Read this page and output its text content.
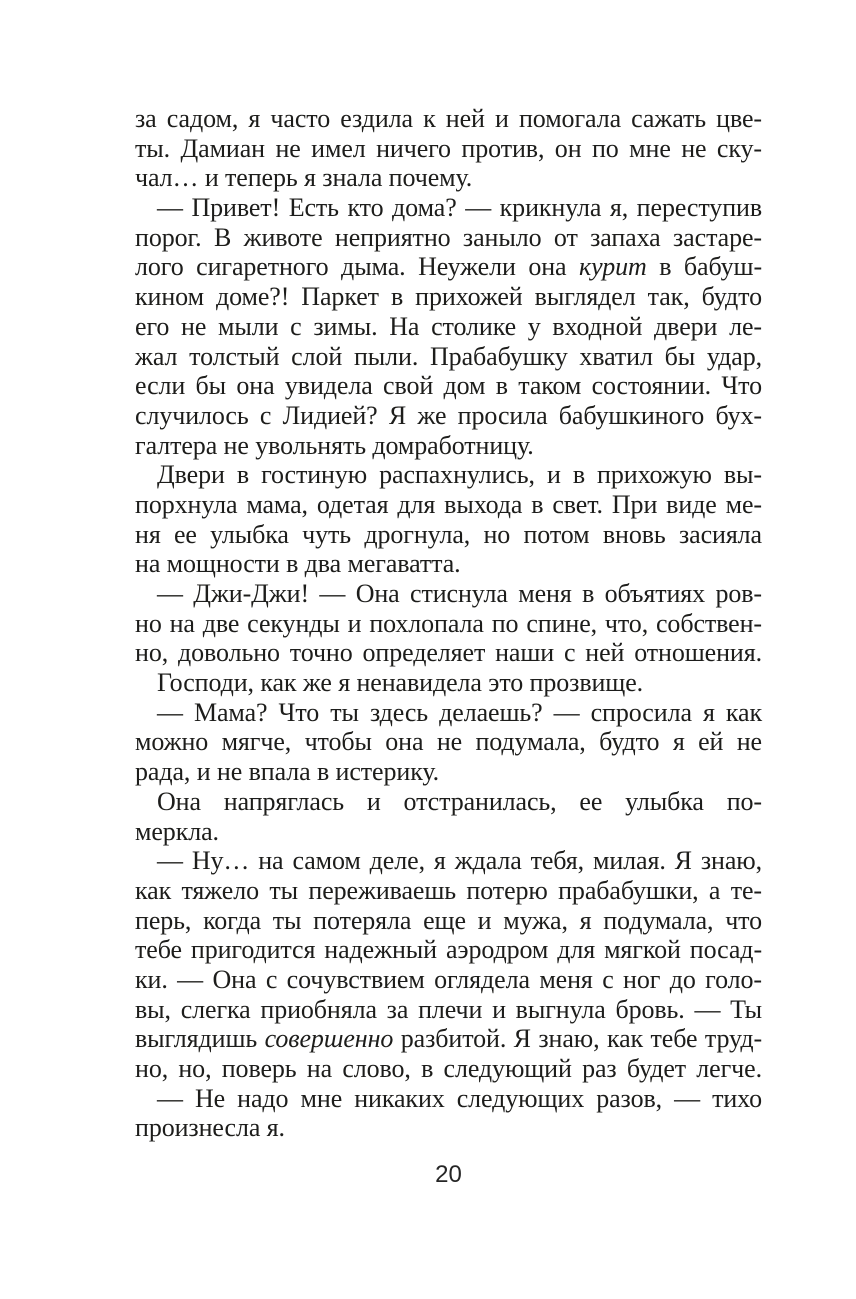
за садом, я часто ездила к ней и помогала сажать цве-
ты. Дамиан не имел ничего против, он по мне не ску-
чал… и теперь я знала почему.
— Привет! Есть кто дома? — крикнула я, переступив
порог. В животе неприятно заныло от запаха застаре-
лого сигаретного дыма. Неужели она курит в бабуш-
кином доме?! Паркет в прихожей выглядел так, будто
его не мыли с зимы. На столике у входной двери ле-
жал толстый слой пыли. Прабабушку хватил бы удар,
если бы она увидела свой дом в таком состоянии. Что
случилось с Лидией? Я же просила бабушкиного бух-
галтера не увольнять домработницу.
Двери в гостиную распахнулись, и в прихожую вы-
порхнула мама, одетая для выхода в свет. При виде ме-
ня ее улыбка чуть дрогнула, но потом вновь засияла
на мощности в два мегаватта.
— Джи-Джи! — Она стиснула меня в объятиях ров-
но на две секунды и похлопала по спине, что, собствен-
но, довольно точно определяет наши с ней отношения.
Господи, как же я ненавидела это прозвище.
— Мама? Что ты здесь делаешь? — спросила я как
можно мягче, чтобы она не подумала, будто я ей не
рада, и не впала в истерику.
Она напряглась и отстранилась, ее улыбка по-
меркла.
— Ну… на самом деле, я ждала тебя, милая. Я знаю,
как тяжело ты переживаешь потерю прабабушки, а те-
перь, когда ты потеряла еще и мужа, я подумала, что
тебе пригодится надежный аэродром для мягкой посад-
ки. — Она с сочувствием оглядела меня с ног до голо-
вы, слегка приобняла за плечи и выгнула бровь. — Ты
выглядишь совершенно разбитой. Я знаю, как тебе труд-
но, но, поверь на слово, в следующий раз будет легче.
— Не надо мне никаких следующих разов, — тихо
произнесла я.
20
